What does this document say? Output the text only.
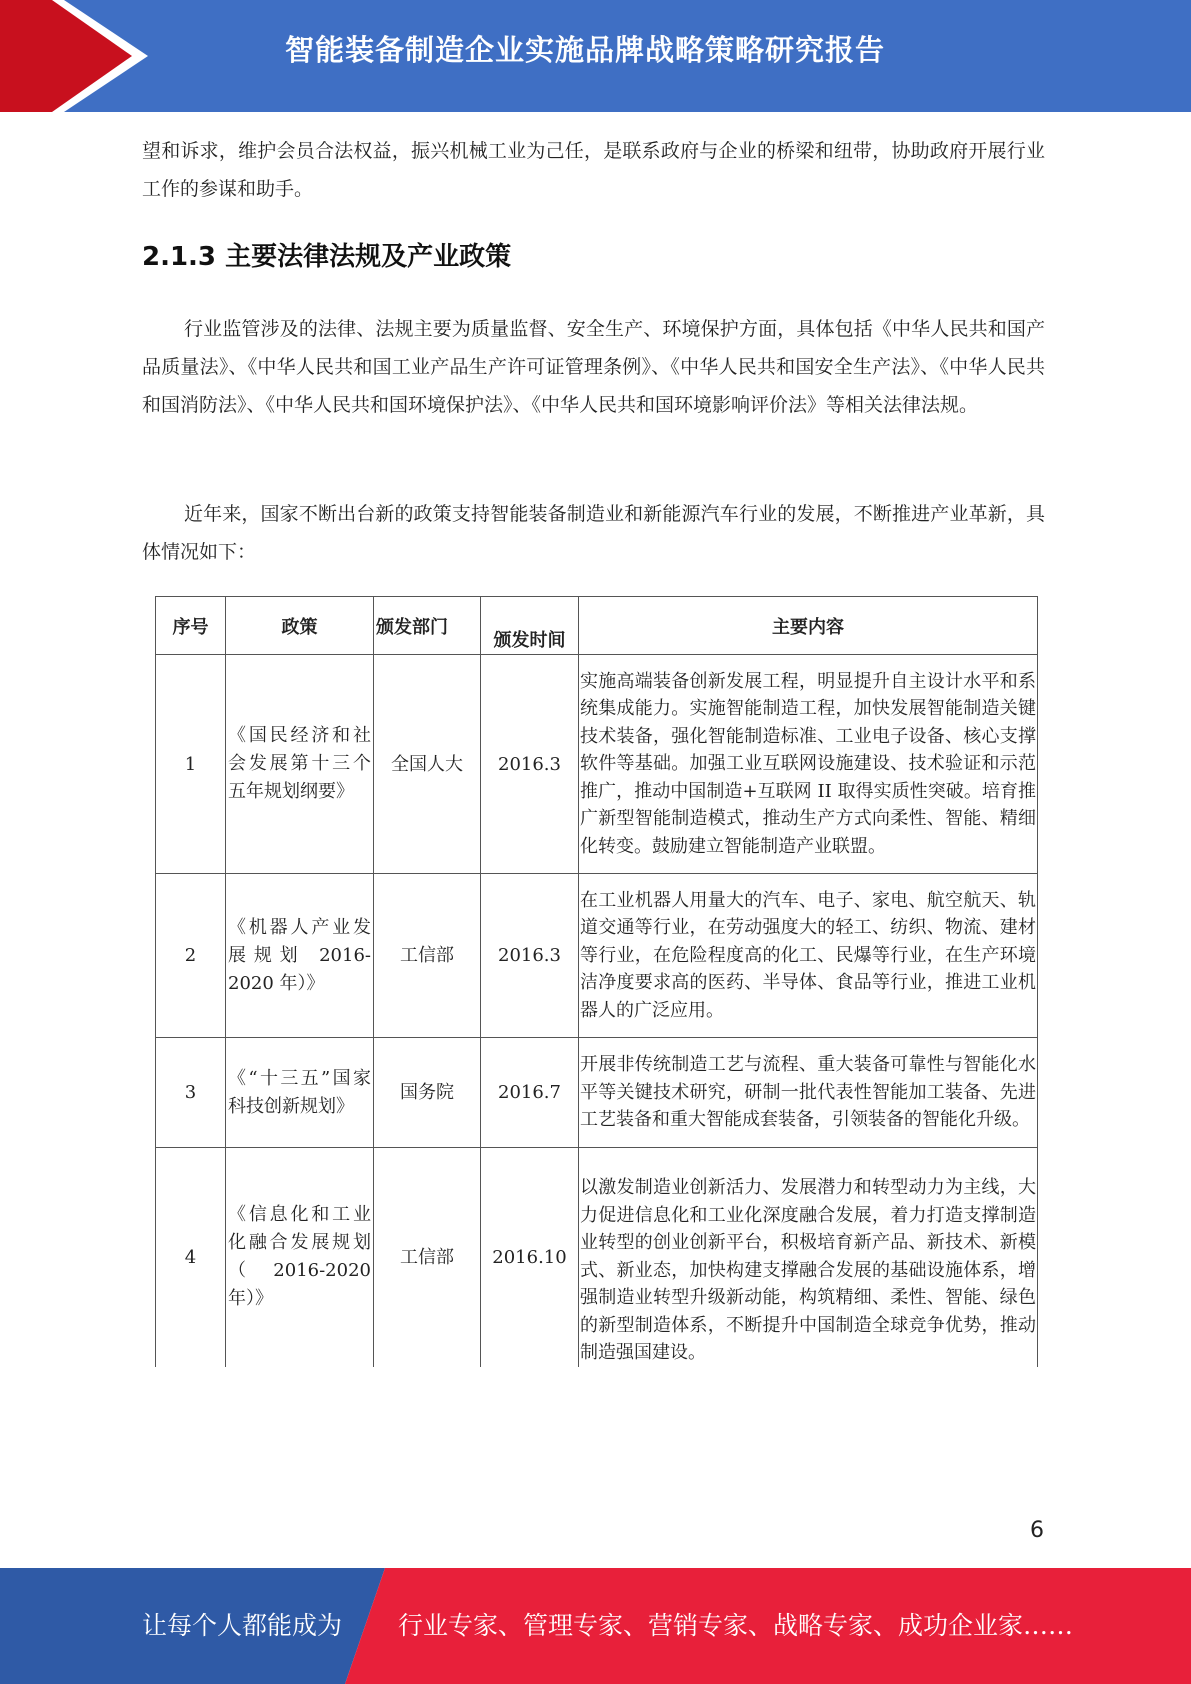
智能装备制造企业实施品牌战略策略研究报告

望和诉求，维护会员合法权益，振兴机械工业为己任，是联系政府与企业的桥梁和纽带，协助政府开展行业工作的参谋和助手。

2.1.3 主要法律法规及产业政策

行业监管涉及的法律、法规主要为质量监督、安全生产、环境保护方面，具体包括《中华人民共和国产品质量法》、《中华人民共和国工业产品生产许可证管理条例》、《中华人民共和国安全生产法》、《中华人民共和国消防法》、《中华人民共和国环境保护法》、《中华人民共和国环境影响评价法》等相关法律法规。

近年来，国家不断出台新的政策支持智能装备制造业和新能源汽车行业的发展，不断推进产业革新，具体情况如下：

序号	政策	颁发部门	颁发时间	主要内容
1	《国民经济和社会发展第十三个五年规划纲要》	全国人大	2016.3	实施高端装备创新发展工程，明显提升自主设计水平和系统集成能力。实施智能制造工程，加快发展智能制造关键技术装备，强化智能制造标准、工业电子设备、核心支撑软件等基础。加强工业互联网设施建设、技术验证和示范推广，推动中国制造+互联网 II 取得实质性突破。培育推广新型智能制造模式，推动生产方式向柔性、智能、精细化转变。鼓励建立智能制造产业联盟。
2	《机器人产业发展规划 2016-2020 年）》	工信部	2016.3	在工业机器人用量大的汽车、电子、家电、航空航天、轨道交通等行业，在劳动强度大的轻工、纺织、物流、建材等行业，在危险程度高的化工、民爆等行业，在生产环境洁净度要求高的医药、半导体、食品等行业，推进工业机器人的广泛应用。
3	《“十三五”国家科技创新规划》	国务院	2016.7	开展非传统制造工艺与流程、重大装备可靠性与智能化水平等关键技术研究，研制一批代表性智能加工装备、先进工艺装备和重大智能成套装备，引领装备的智能化升级。
4	《信息化和工业化融合发展规划（2016-2020 年）》	工信部	2016.10	以激发制造业创新活力、发展潜力和转型动力为主线，大力促进信息化和工业化深度融合发展，着力打造支撑制造业转型的创业创新平台，积极培育新产品、新技术、新模式、新业态，加快构建支撑融合发展的基础设施体系，增强制造业转型升级新动能，构筑精细、柔性、智能、绿色的新型制造体系，不断提升中国制造全球竞争优势，推动制造强国建设。
6
让每个人都能成为 行业专家、管理专家、营销专家、战略专家、成功企业家……
